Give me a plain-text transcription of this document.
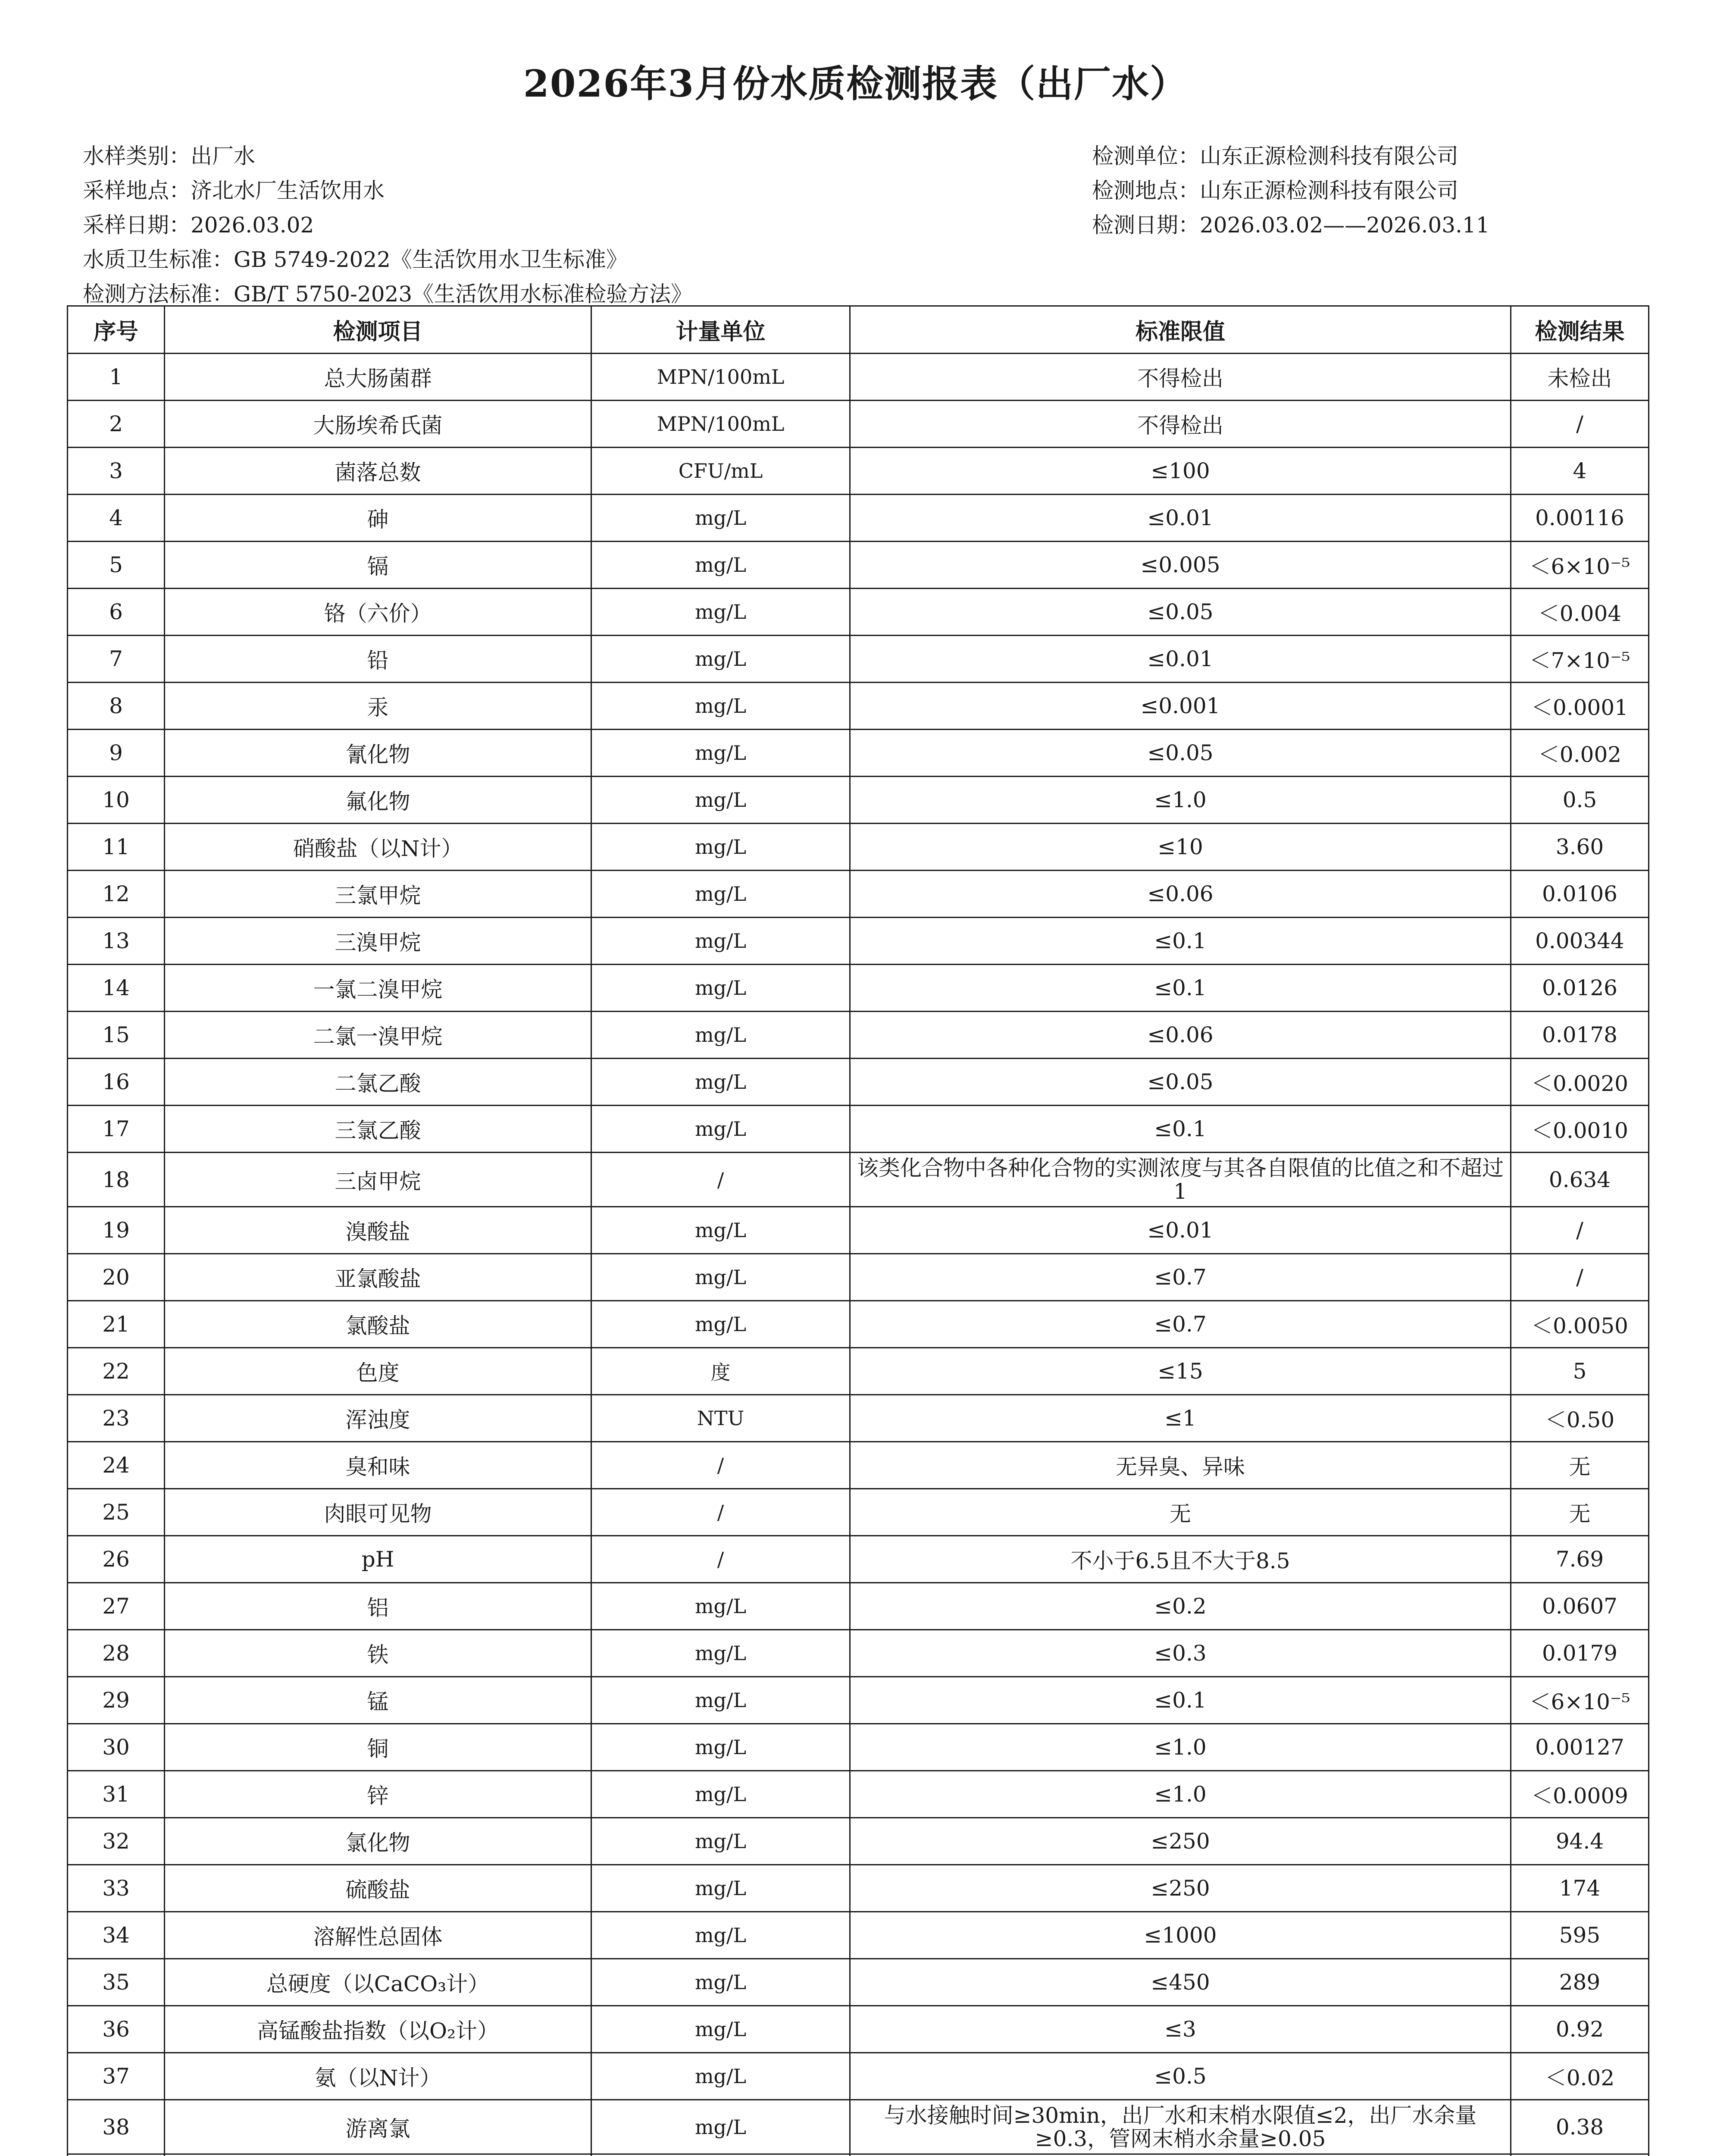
2026年3月份水质检测报表（出厂水）
水样类别： 出厂水
采样地点： 济北水厂生活饮用水
采样日期： 2026.03.02
水质卫生标准： GB 5749-2022《生活饮用水卫生标准》
检测方法标准： GB/T 5750-2023《生活饮用水标准检验方法》
检测单位： 山东正源检测科技有限公司
检测地点： 山东正源检测科技有限公司
检测日期： 2026.03.02——2026.03.11
序号	检测项目	计量单位	标准限值	检测结果
1	总大肠菌群	MPN/100mL	不得检出	未检出
2	大肠埃希氏菌	MPN/100mL	不得检出	/
3	菌落总数	CFU/mL	≤100	4
4	砷	mg/L	≤0.01	0.00116
5	镉	mg/L	≤0.005	＜6×10⁻⁵
6	铬（六价）	mg/L	≤0.05	＜0.004
7	铅	mg/L	≤0.01	＜7×10⁻⁵
8	汞	mg/L	≤0.001	＜0.0001
9	氰化物	mg/L	≤0.05	＜0.002
10	氟化物	mg/L	≤1.0	0.5
11	硝酸盐（以N计）	mg/L	≤10	3.60
12	三氯甲烷	mg/L	≤0.06	0.0106
13	三溴甲烷	mg/L	≤0.1	0.00344
14	一氯二溴甲烷	mg/L	≤0.1	0.0126
15	二氯一溴甲烷	mg/L	≤0.06	0.0178
16	二氯乙酸	mg/L	≤0.05	＜0.0020
17	三氯乙酸	mg/L	≤0.1	＜0.0010
18	三卤甲烷	/	该类化合物中各种化合物的实测浓度与其各自限值的比值之和不超过1	0.634
19	溴酸盐	mg/L	≤0.01	/
20	亚氯酸盐	mg/L	≤0.7	/
21	氯酸盐	mg/L	≤0.7	＜0.0050
22	色度	度	≤15	5
23	浑浊度	NTU	≤1	＜0.50
24	臭和味	/	无异臭、异味	无
25	肉眼可见物	/	无	无
26	pH	/	不小于6.5且不大于8.5	7.69
27	铝	mg/L	≤0.2	0.0607
28	铁	mg/L	≤0.3	0.0179
29	锰	mg/L	≤0.1	＜6×10⁻⁵
30	铜	mg/L	≤1.0	0.00127
31	锌	mg/L	≤1.0	＜0.0009
32	氯化物	mg/L	≤250	94.4
33	硫酸盐	mg/L	≤250	174
34	溶解性总固体	mg/L	≤1000	595
35	总硬度（以CaCO₃计）	mg/L	≤450	289
36	高锰酸盐指数（以O₂计）	mg/L	≤3	0.92
37	氨（以N计）	mg/L	≤0.5	＜0.02
38	游离氯	mg/L	与水接触时间≥30min，出厂水和末梢水限值≤2，出厂水余量≥0.3，管网末梢水余量≥0.05	0.38
